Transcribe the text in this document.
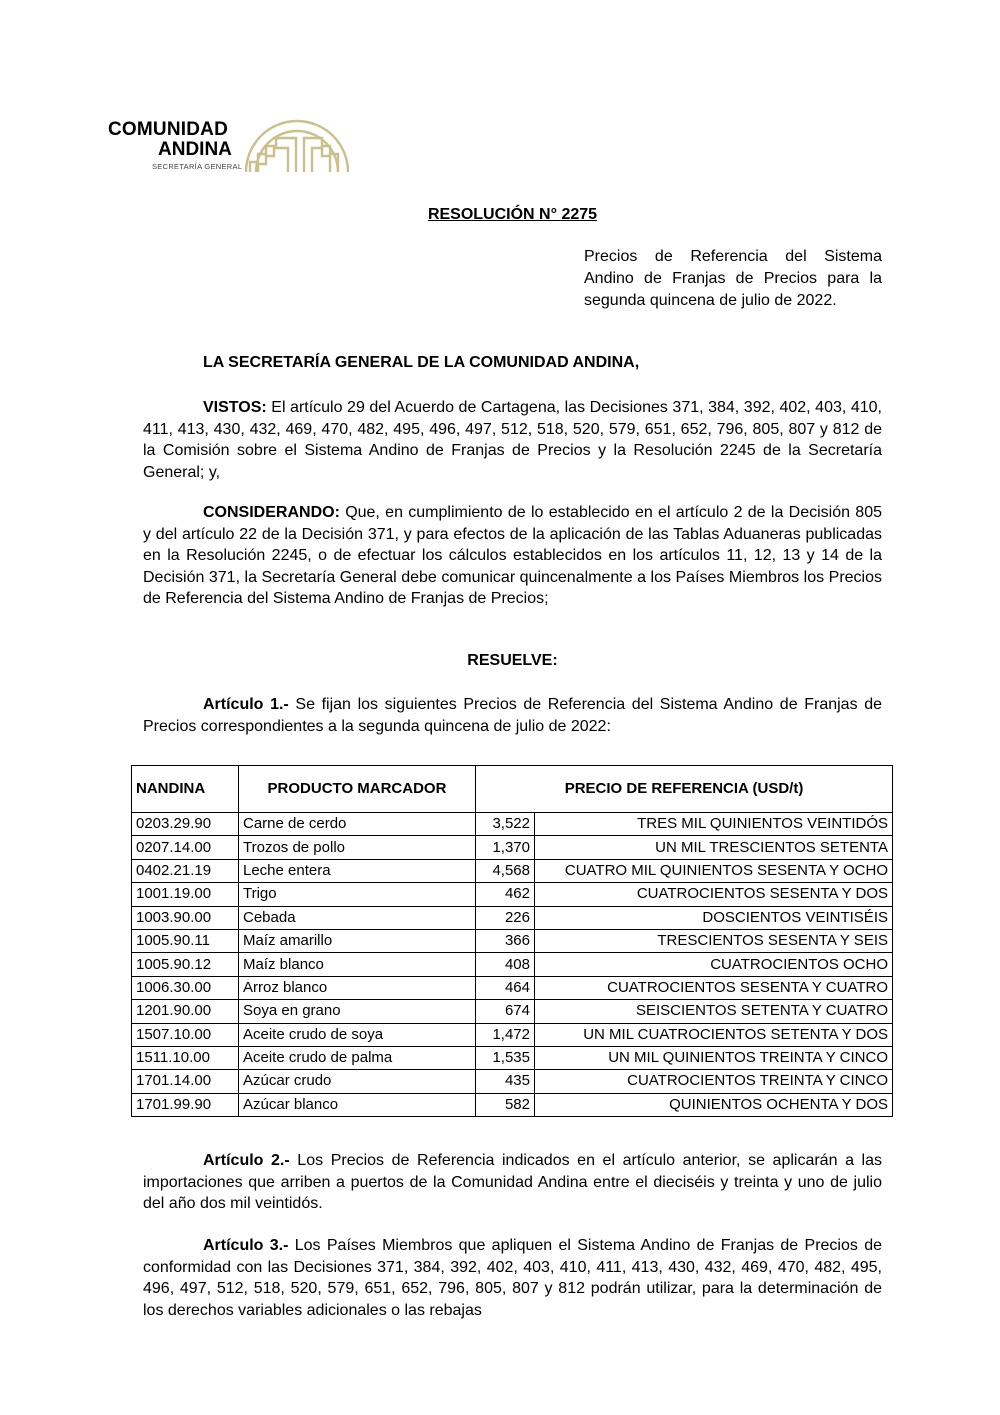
COMUNIDAD
ANDINA
SECRETARÍA GENERAL
RESOLUCIÓN N° 2275
Precios de Referencia del Sistema Andino de Franjas de Precios para la segunda quincena de julio de 2022.
LA SECRETARÍA GENERAL DE LA COMUNIDAD ANDINA,

VISTOS: El artículo 29 del Acuerdo de Cartagena, las Decisiones 371, 384, 392, 402, 403, 410, 411, 413, 430, 432, 469, 470, 482, 495, 496, 497, 512, 518, 520, 579, 651, 652, 796, 805, 807 y 812 de la Comisión sobre el Sistema Andino de Franjas de Precios y la Resolución 2245 de la Secretaría General; y,

CONSIDERANDO: Que, en cumplimiento de lo establecido en el artículo 2 de la Decisión 805 y del artículo 22 de la Decisión 371, y para efectos de la aplicación de las Tablas Aduaneras publicadas en la Resolución 2245, o de efectuar los cálculos establecidos en los artículos 11, 12, 13 y 14 de la Decisión 371, la Secretaría General debe comunicar quincenalmente a los Países Miembros los Precios de Referencia del Sistema Andino de Franjas de Precios;

RESUELVE:

Artículo 1.- Se fijan los siguientes Precios de Referencia del Sistema Andino de Franjas de Precios correspondientes a la segunda quincena de julio de 2022:

NANDINA	PRODUCTO MARCADOR	PRECIO DE REFERENCIA (USD/t)	
0203.29.90	Carne de cerdo	3,522	TRES MIL QUINIENTOS VEINTIDÓS
0207.14.00	Trozos de pollo	1,370	UN MIL TRESCIENTOS SETENTA
0402.21.19	Leche entera	4,568	CUATRO MIL QUINIENTOS SESENTA Y OCHO
1001.19.00	Trigo	462	CUATROCIENTOS SESENTA Y DOS
1003.90.00	Cebada	226	DOSCIENTOS VEINTISÉIS
1005.90.11	Maíz amarillo	366	TRESCIENTOS SESENTA Y SEIS
1005.90.12	Maíz blanco	408	CUATROCIENTOS OCHO
1006.30.00	Arroz blanco	464	CUATROCIENTOS SESENTA Y CUATRO
1201.90.00	Soya en grano	674	SEISCIENTOS SETENTA Y CUATRO
1507.10.00	Aceite crudo de soya	1,472	UN MIL CUATROCIENTOS SETENTA Y DOS
1511.10.00	Aceite crudo de palma	1,535	UN MIL QUINIENTOS TREINTA Y CINCO
1701.14.00	Azúcar crudo	435	CUATROCIENTOS TREINTA Y CINCO
1701.99.90	Azúcar blanco	582	QUINIENTOS OCHENTA Y DOS

Artículo 2.- Los Precios de Referencia indicados en el artículo anterior, se aplicarán a las importaciones que arriben a puertos de la Comunidad Andina entre el dieciséis y treinta y uno de julio del año dos mil veintidós.

Artículo 3.- Los Países Miembros que apliquen el Sistema Andino de Franjas de Precios de conformidad con las Decisiones 371, 384, 392, 402, 403, 410, 411, 413, 430, 432, 469, 470, 482, 495, 496, 497, 512, 518, 520, 579, 651, 652, 796, 805, 807 y 812 podrán utilizar, para la determinación de los derechos variables adicionales o las rebajas
